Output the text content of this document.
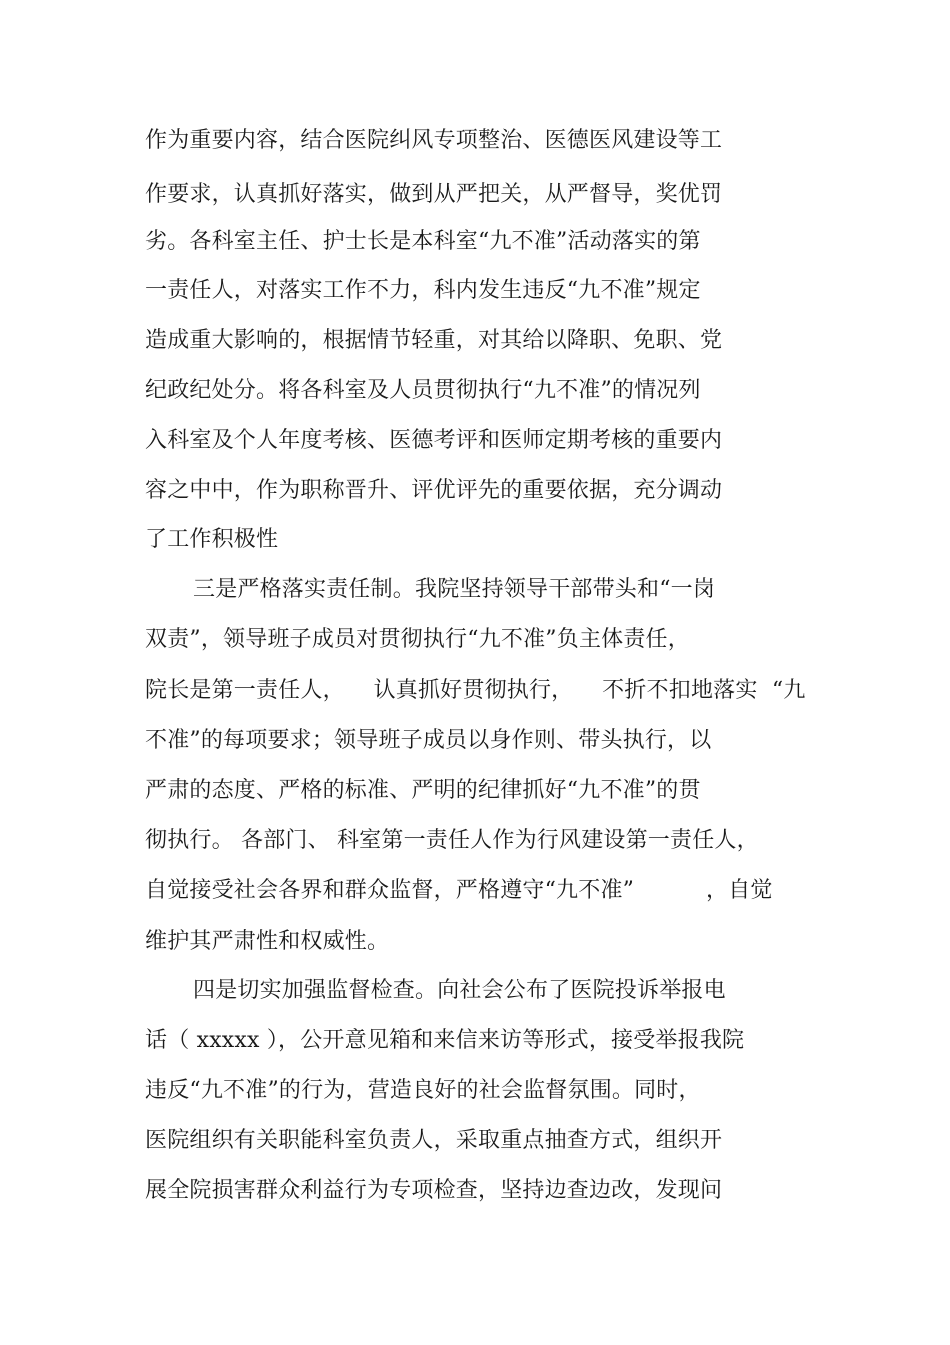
作为重要内容，结合医院纠风专项整治、医德医风建设等工

作要求，认真抓好落实，做到从严把关，从严督导，奖优罚

劣。各科室主任、护士长是本科室“九不准”活动落实的第

一责任人，对落实工作不力，科内发生违反“九不准”规定

造成重大影响的，根据情节轻重，对其给以降职、免职、党

纪政纪处分。将各科室及人员贯彻执行“九不准”的情况列

入科室及个人年度考核、医德考评和医师定期考核的重要内

容之中中，作为职称晋升、评优评先的重要依据，充分调动

了工作积极性

三是严格落实责任制。我院坚持领导干部带头和“一岗

双责”，领导班子成员对贯彻执行“九不准”负主体责任，

院长是第一责任人，    认真抓好贯彻执行，    不折不扣地落实  “九

不准”的每项要求；领导班子成员以身作则、带头执行，以

严肃的态度、严格的标准、严明的纪律抓好“九不准”的贯

彻执行。 各部门、 科室第一责任人作为行风建设第一责任人，

自觉接受社会各界和群众监督，严格遵守“九不准”          ，自觉

维护其严肃性和权威性。

四是切实加强监督检查。向社会公布了医院投诉举报电

话（ xxxxx ），公开意见箱和来信来访等形式，接受举报我院

违反“九不准”的行为，营造良好的社会监督氛围。同时，

医院组织有关职能科室负责人，采取重点抽查方式，组织开

展全院损害群众利益行为专项检查，坚持边查边改，发现问
